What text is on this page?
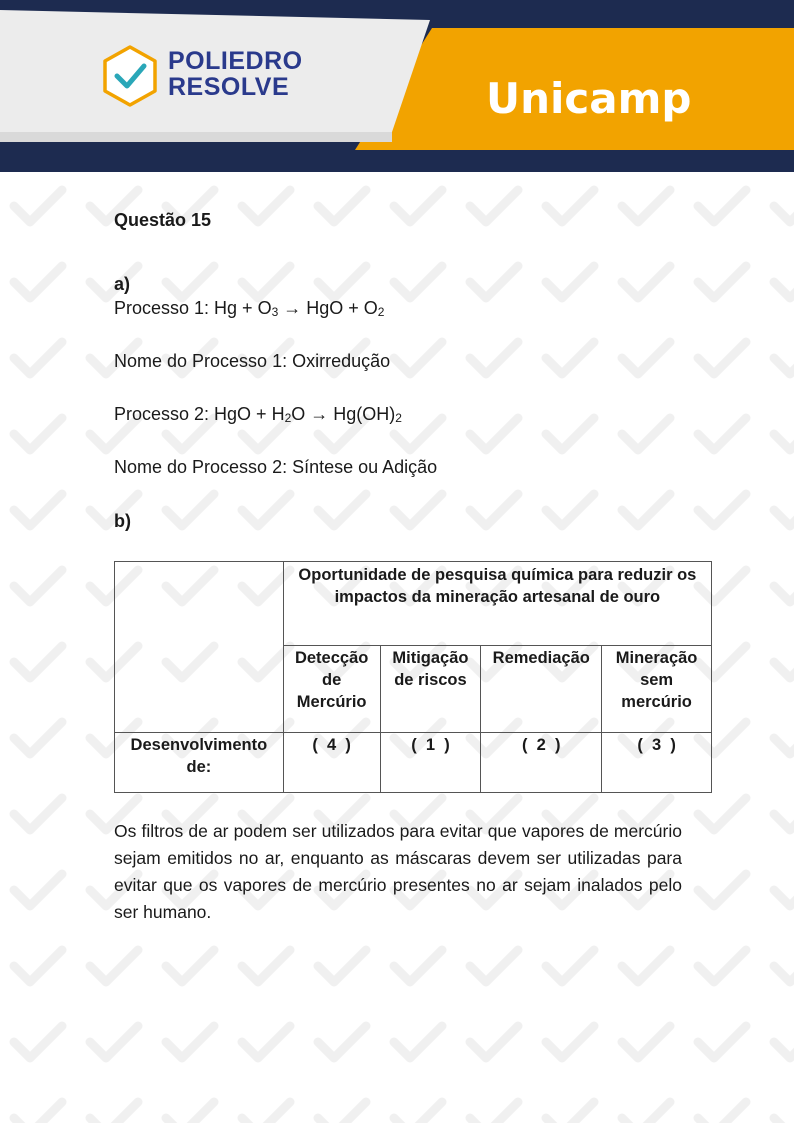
POLIEDRO
RESOLVE	Unicamp
Questão 15
a)
Processo 1: $Hg + O_3$ → HgO + $O_2$
Nome do Processo 1: Oxirredução
Processo 2: HgO + $H_2O \to Hg(OH)_2$
Nome do Processo 2: Síntese ou Adição
b)
	Oportunidade de pesquisa química para reduzir os impactos da mineração artesanal de ouro			
	Detecção de Mercúrio	Mitigação de riscos	Remediação	Mineração sem mercúrio
Desenvolvimento de:	(  4  )	(  1  )	(  2  )	(  3  )

Os filtros de ar podem ser utilizados para evitar que vapores de mercúrio sejam emitidos no ar, enquanto as máscaras devem ser utilizadas para evitar que os vapores de mercúrio presentes no ar sejam inalados pelo ser humano.
